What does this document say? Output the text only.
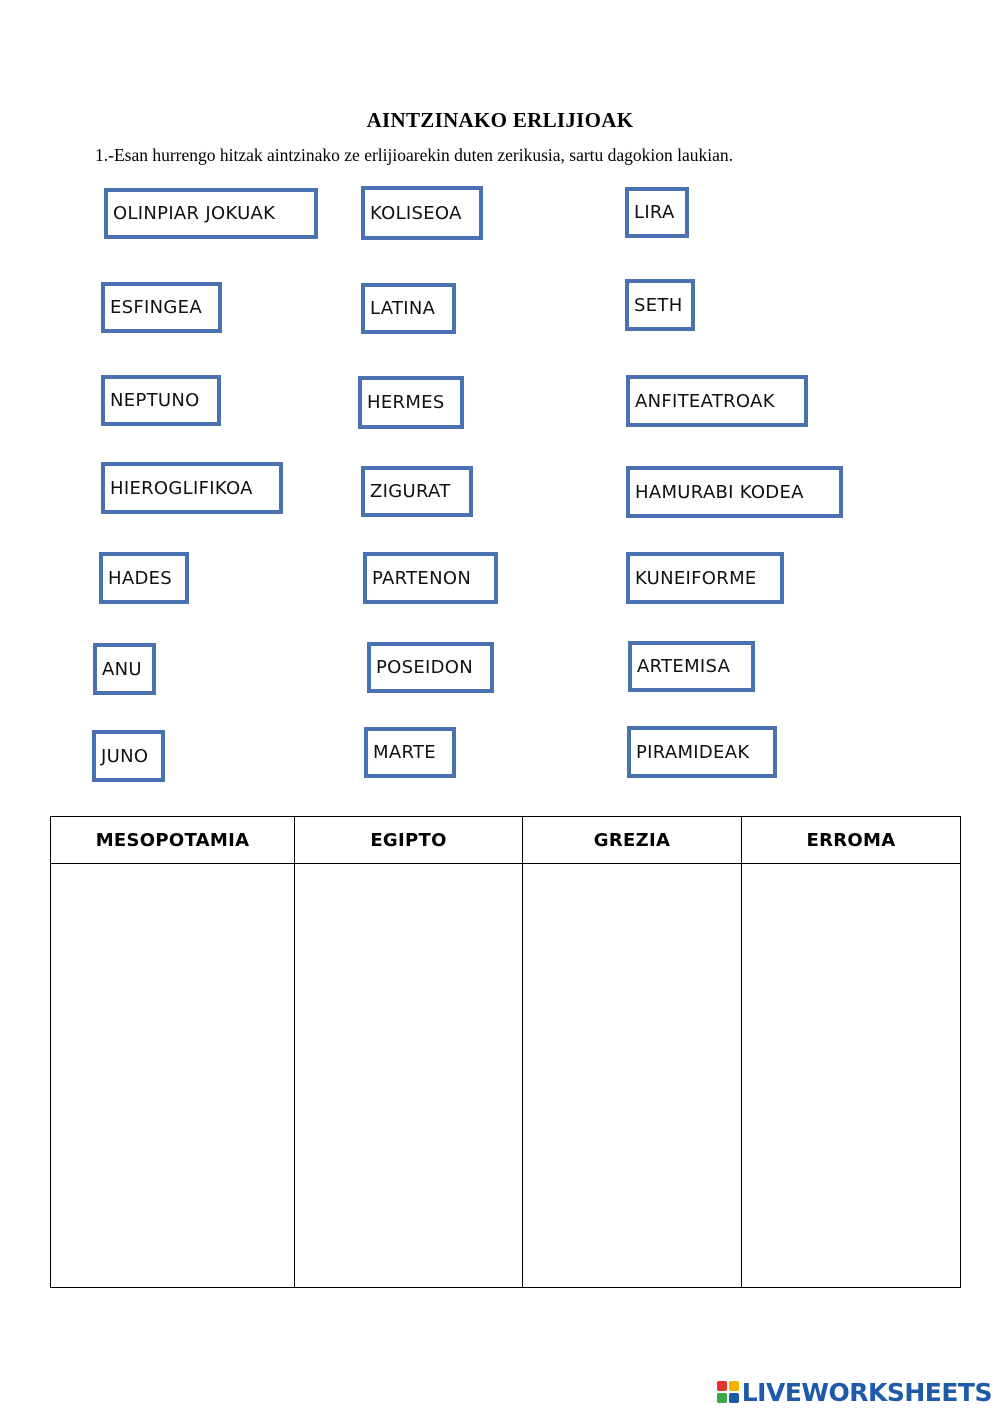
AINTZINAKO ERLIJIOAK
1.-Esan hurrengo hitzak aintzinako ze erlijioarekin duten zerikusia, sartu dagokion laukian.
OLINPIAR JOKUAK	KOLISEOA	LIRA
ESFINGEA	LATINA	SETH
NEPTUNO	HERMES	ANFITEATROAK
HIEROGLIFIKOA	ZIGURAT	HAMURABI KODEA
HADES	PARTENON	KUNEIFORME
ANU	POSEIDON	ARTEMISA
JUNO	MARTE	PIRAMIDEAK
MESOPOTAMIA	EGIPTO	GREZIA	ERROMA

LIVEWORKSHEETS
